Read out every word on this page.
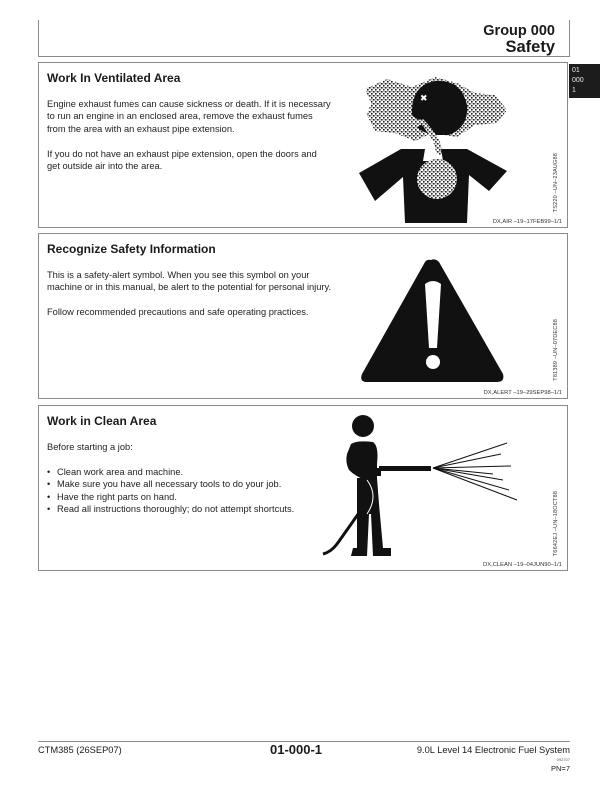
Group 000
Safety
01
000
1
Work In Ventilated Area

Engine exhaust fumes can cause sickness or death. If it is necessary to run an engine in an enclosed area, remove the exhaust fumes from the area with an exhaust pipe extension.

If you do not have an exhaust pipe extension, open the doors and get outside air into the area.

✖
TS220 –UN–23AUG88
DX,AIR –19–17FEB99–1/1
Recognize Safety Information

This is a safety-alert symbol. When you see this symbol on your machine or in this manual, be alert to the potential for personal injury.

Follow recommended precautions and safe operating practices.

T81389 –UN–07DEC88
DX,ALERT –19–29SEP98–1/1
Work in Clean Area

Before starting a job:

• Clean work area and machine.
• Make sure you have all necessary tools to do your job.
• Have the right parts on hand.
• Read all instructions thoroughly; do not attempt shortcuts.	T6642EJ –UN–18OCT88
DX,CLEAN –19–04JUN90–1/1
CTM385 (26SEP07)	01-000-1	9.0L Level 14 Electronic Fuel System
092707
PN=7
